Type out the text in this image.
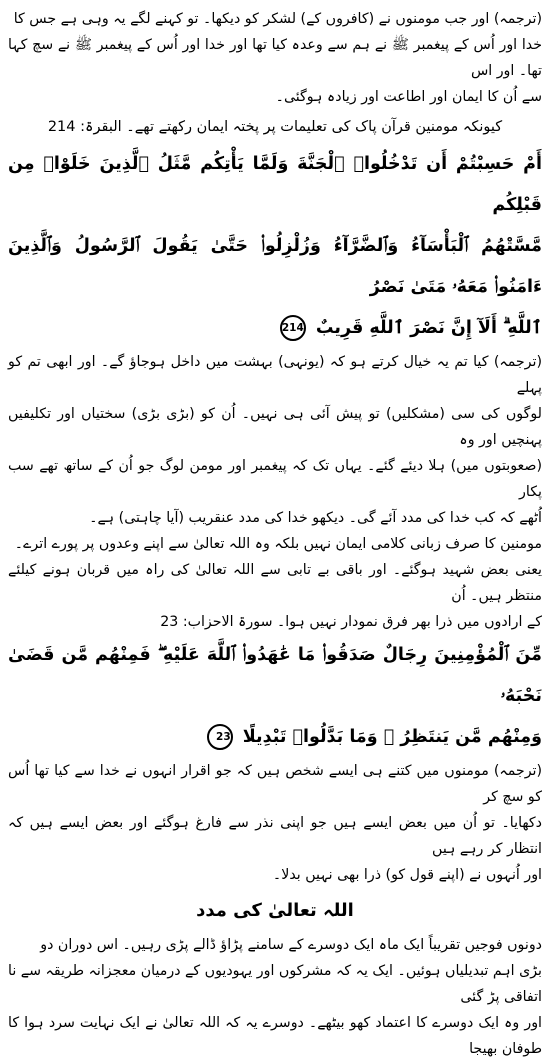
(ترجمہ) اور جب مومنوں نے (کافروں کے) لشکر کو دیکھا۔ تو کہنے لگے یہ وہی ہے جس کا

خدا اور اُس کے پیغمبر ﷺ نے ہم سے وعدہ کیا تھا اور خدا اور اُس کے پیغمبر ﷺ نے سچ کہا تھا۔ اور اس

سے اُن کا ایمان اور اطاعت اور زیادہ ہوگئی۔

کیونکہ مومنین قرآن پاک کی تعلیمات پر پختہ ایمان رکھتے تھے۔ البقرۃ: 214

أَمْ حَسِبْتُمْ أَن تَدْخُلُوا۟ ٱلْجَنَّةَ وَلَمَّا يَأْتِكُم مَّثَلُ ٱلَّذِينَ خَلَوْا۟ مِن قَبْلِكُم

مَّسَّتْهُمُ ٱلْبَأْسَآءُ وَٱلضَّرَّآءُ وَزُلْزِلُوا۟ حَتَّىٰ يَقُولَ ٱلرَّسُولُ وَٱلَّذِينَ ءَامَنُوا۟ مَعَهُۥ مَتَىٰ نَصْرُ

ٱللَّهِ ۗ أَلَآ إِنَّ نَصْرَ ٱللَّهِ قَرِيبٌ 214

(ترجمہ) کیا تم یہ خیال کرتے ہو کہ (یونہی) بہشت میں داخل ہوجاؤ گے۔ اور ابھی تم کو پہلے

لوگوں کی سی (مشکلیں) تو پیش آئی ہی نہیں۔ اُن کو (بڑی بڑی) سختیاں اور تکلیفیں پہنچیں اور وہ

(صعوبتوں میں) ہلا دیئے گئے۔ یہاں تک کہ پیغمبر اور مومن لوگ جو اُن کے ساتھ تھے سب پکار

اُٹھے کہ کب خدا کی مدد آئے گی۔ دیکھو خدا کی مدد عنقریب (آیا چاہتی) ہے۔

مومنین کا صرف زبانی کلامی ایمان نہیں بلکہ وہ اللہ تعالیٰ سے اپنے وعدوں پر پورے اترے۔

یعنی بعض شہید ہوگئے۔ اور باقی بے تابی سے اللہ تعالیٰ کی راہ میں قربان ہونے کیلئے منتظر ہیں۔ اُن

کے ارادوں میں ذرا بھر فرق نمودار نہیں ہوا۔ سورۃ الاحزاب: 23

مِّنَ ٱلْمُؤْمِنِينَ رِجَالٌ صَدَقُوا۟ مَا عَٰهَدُوا۟ ٱللَّهَ عَلَيْهِ ۖ فَمِنْهُم مَّن قَضَىٰ نَحْبَهُۥ

وَمِنْهُم مَّن يَنتَظِرُ ۖ وَمَا بَدَّلُوا۟ تَبْدِيلًا 23

(ترجمہ) مومنوں میں کتنے ہی ایسے شخص ہیں کہ جو اقرار انہوں نے خدا سے کیا تھا اُس کو سچ کر

دکھایا۔ تو اُن میں بعض ایسے ہیں جو اپنی نذر سے فارغ ہوگئے اور بعض ایسے ہیں کہ انتظار کر رہے ہیں

اور اُنہوں نے (اپنے قول کو) ذرا بھی نہیں بدلا۔

اللہ تعالیٰ کی مدد

دونوں فوجیں تقریباً ایک ماہ ایک دوسرے کے سامنے پڑاؤ ڈالے پڑی رہیں۔ اس دوران دو

بڑی اہم تبدیلیاں ہوئیں۔ ایک یہ کہ مشرکوں اور یہودیوں کے درمیان معجزانہ طریقہ سے نا اتفاقی پڑ گئی

اور وہ ایک دوسرے کا اعتماد کھو بیٹھے۔ دوسرے یہ کہ اللہ تعالیٰ نے ایک نہایت سرد ہوا کا طوفان بھیجا
